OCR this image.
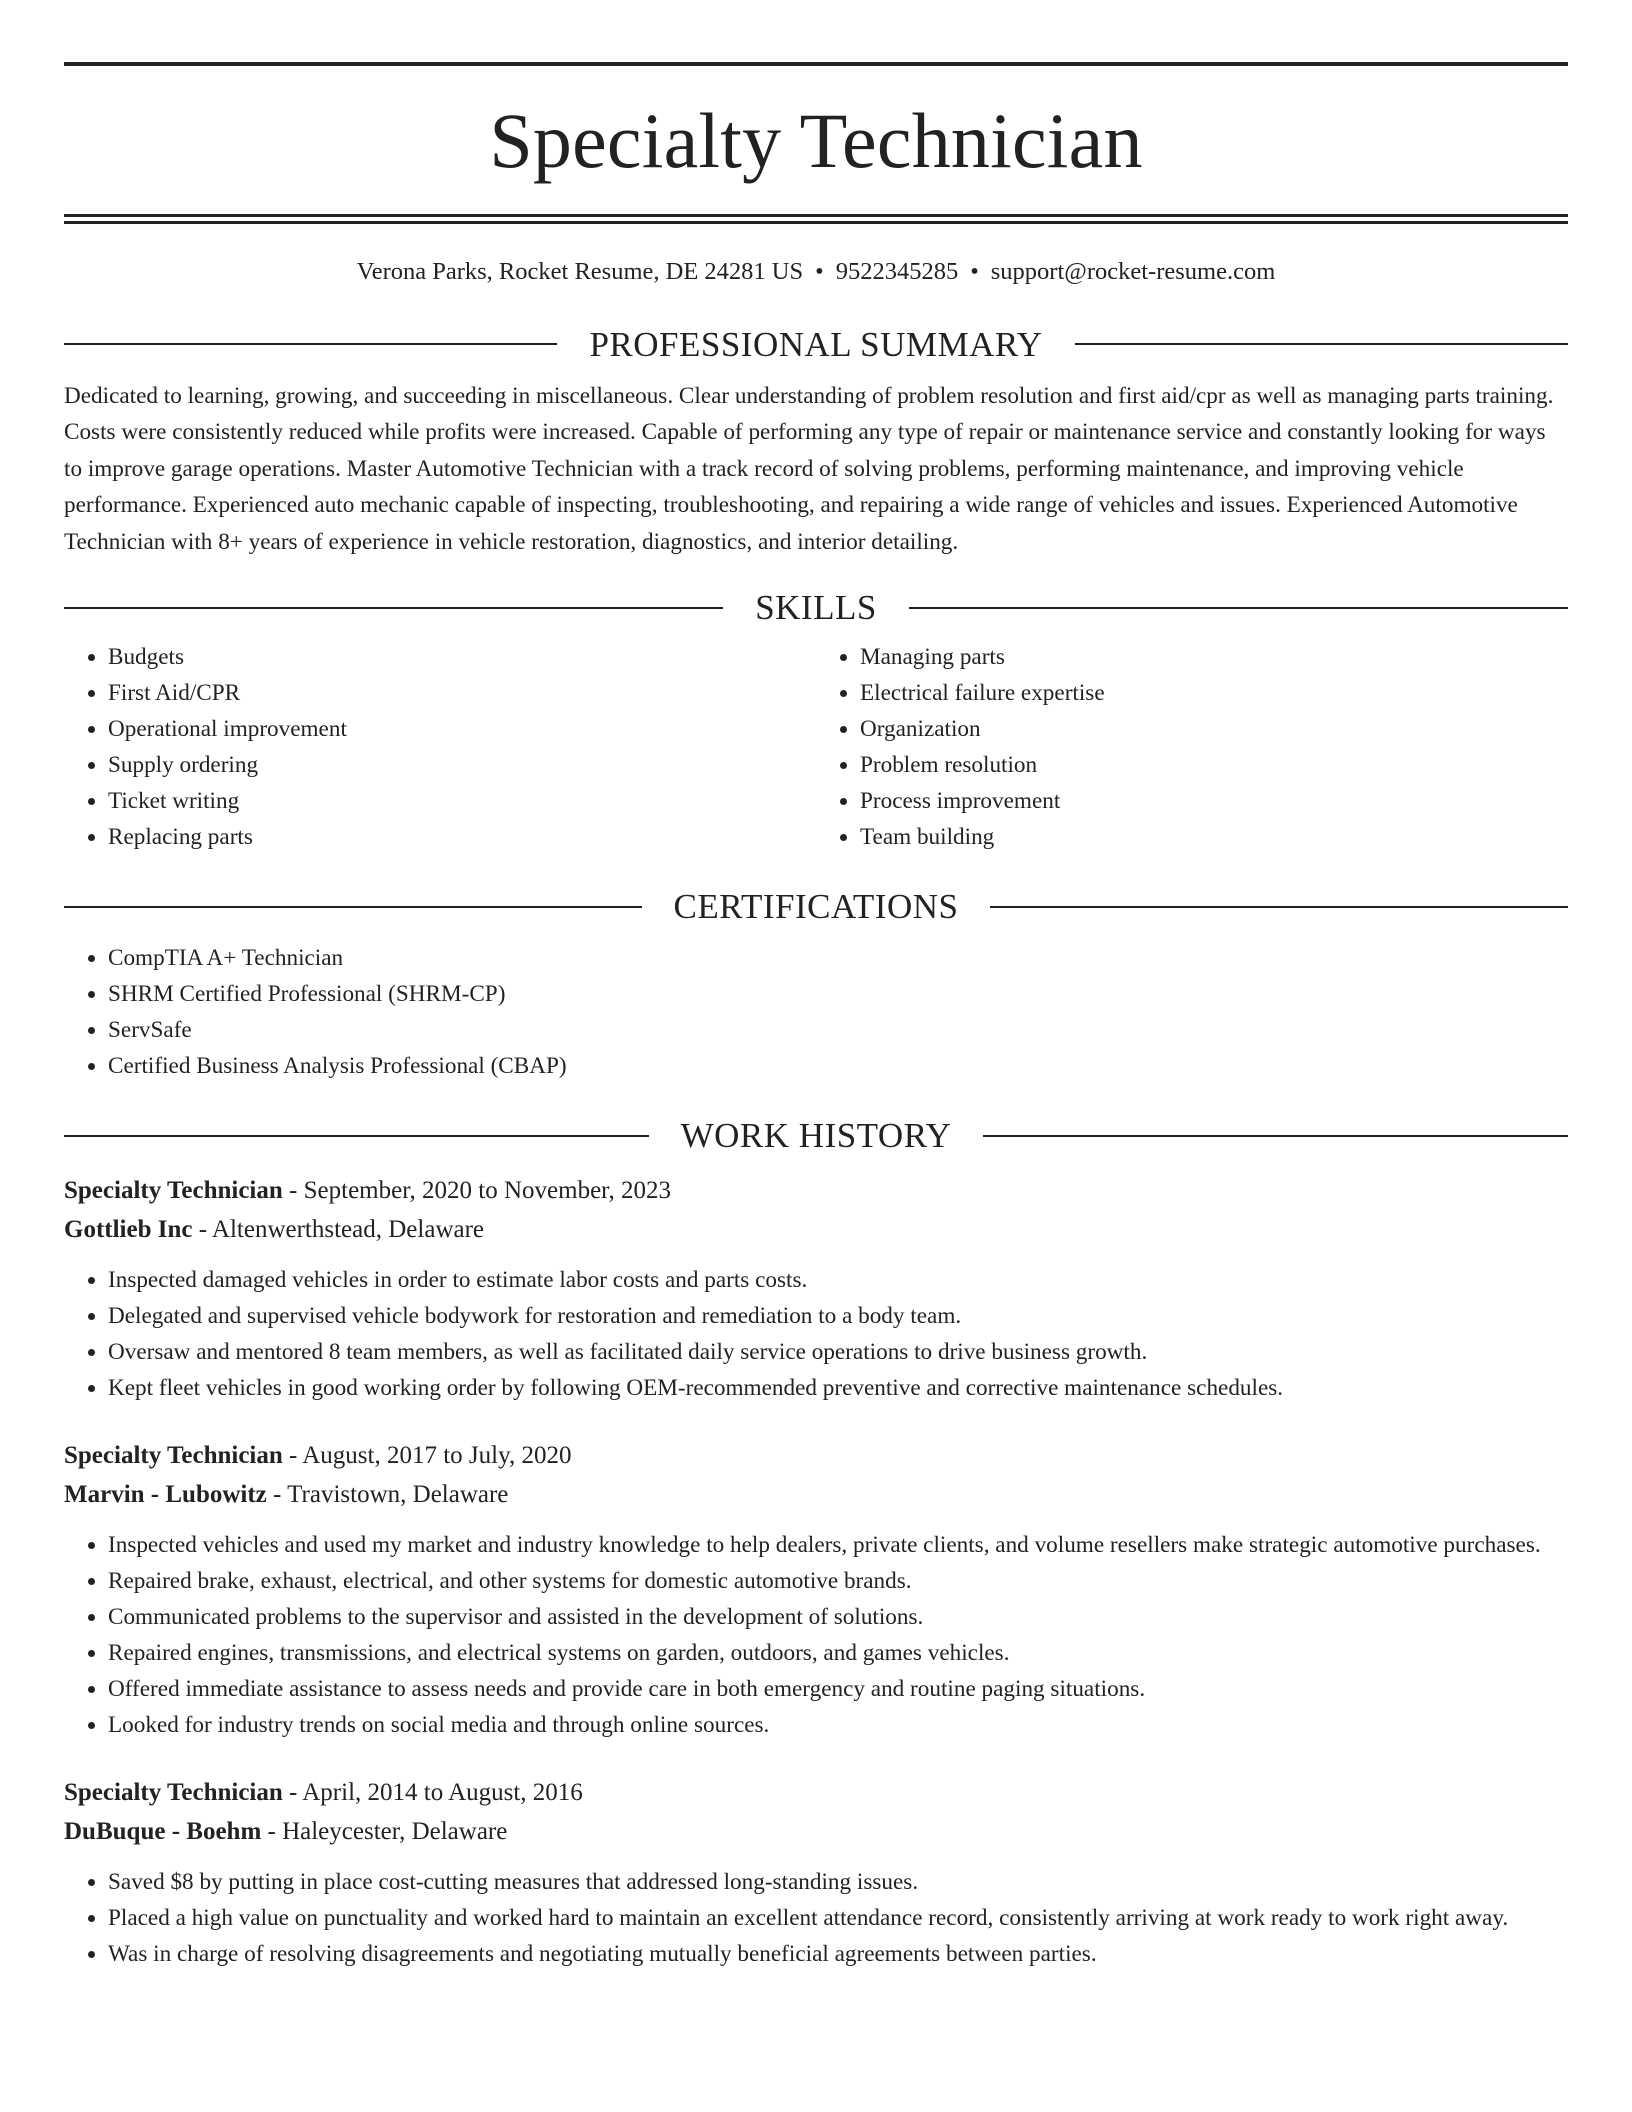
Specialty Technician
Verona Parks, Rocket Resume, DE 24281 US • 9522345285 • support@rocket-resume.com
PROFESSIONAL SUMMARY
Dedicated to learning, growing, and succeeding in miscellaneous. Clear understanding of problem resolution and first aid/cpr as well as managing parts training. Costs were consistently reduced while profits were increased. Capable of performing any type of repair or maintenance service and constantly looking for ways to improve garage operations. Master Automotive Technician with a track record of solving problems, performing maintenance, and improving vehicle performance. Experienced auto mechanic capable of inspecting, troubleshooting, and repairing a wide range of vehicles and issues. Experienced Automotive Technician with 8+ years of experience in vehicle restoration, diagnostics, and interior detailing.
SKILLS
• Budgets
• First Aid/CPR
• Operational improvement
• Supply ordering
• Ticket writing
• Replacing parts
• Managing parts
• Electrical failure expertise
• Organization
• Problem resolution
• Process improvement
• Team building
CERTIFICATIONS
• CompTIA A+ Technician
• SHRM Certified Professional (SHRM-CP)
• ServSafe
• Certified Business Analysis Professional (CBAP)
WORK HISTORY
Specialty Technician - September, 2020 to November, 2023
Gottlieb Inc - Altenwerthstead, Delaware
• Inspected damaged vehicles in order to estimate labor costs and parts costs.
• Delegated and supervised vehicle bodywork for restoration and remediation to a body team.
• Oversaw and mentored 8 team members, as well as facilitated daily service operations to drive business growth.
• Kept fleet vehicles in good working order by following OEM-recommended preventive and corrective maintenance schedules.
Specialty Technician - August, 2017 to July, 2020
Marvin - Lubowitz - Travistown, Delaware
• Inspected vehicles and used my market and industry knowledge to help dealers, private clients, and volume resellers make strategic automotive purchases.
• Repaired brake, exhaust, electrical, and other systems for domestic automotive brands.
• Communicated problems to the supervisor and assisted in the development of solutions.
• Repaired engines, transmissions, and electrical systems on garden, outdoors, and games vehicles.
• Offered immediate assistance to assess needs and provide care in both emergency and routine paging situations.
• Looked for industry trends on social media and through online sources.
Specialty Technician - April, 2014 to August, 2016
DuBuque - Boehm - Haleycester, Delaware
• Saved $8 by putting in place cost-cutting measures that addressed long-standing issues.
• Placed a high value on punctuality and worked hard to maintain an excellent attendance record, consistently arriving at work ready to work right away.
• Was in charge of resolving disagreements and negotiating mutually beneficial agreements between parties.
